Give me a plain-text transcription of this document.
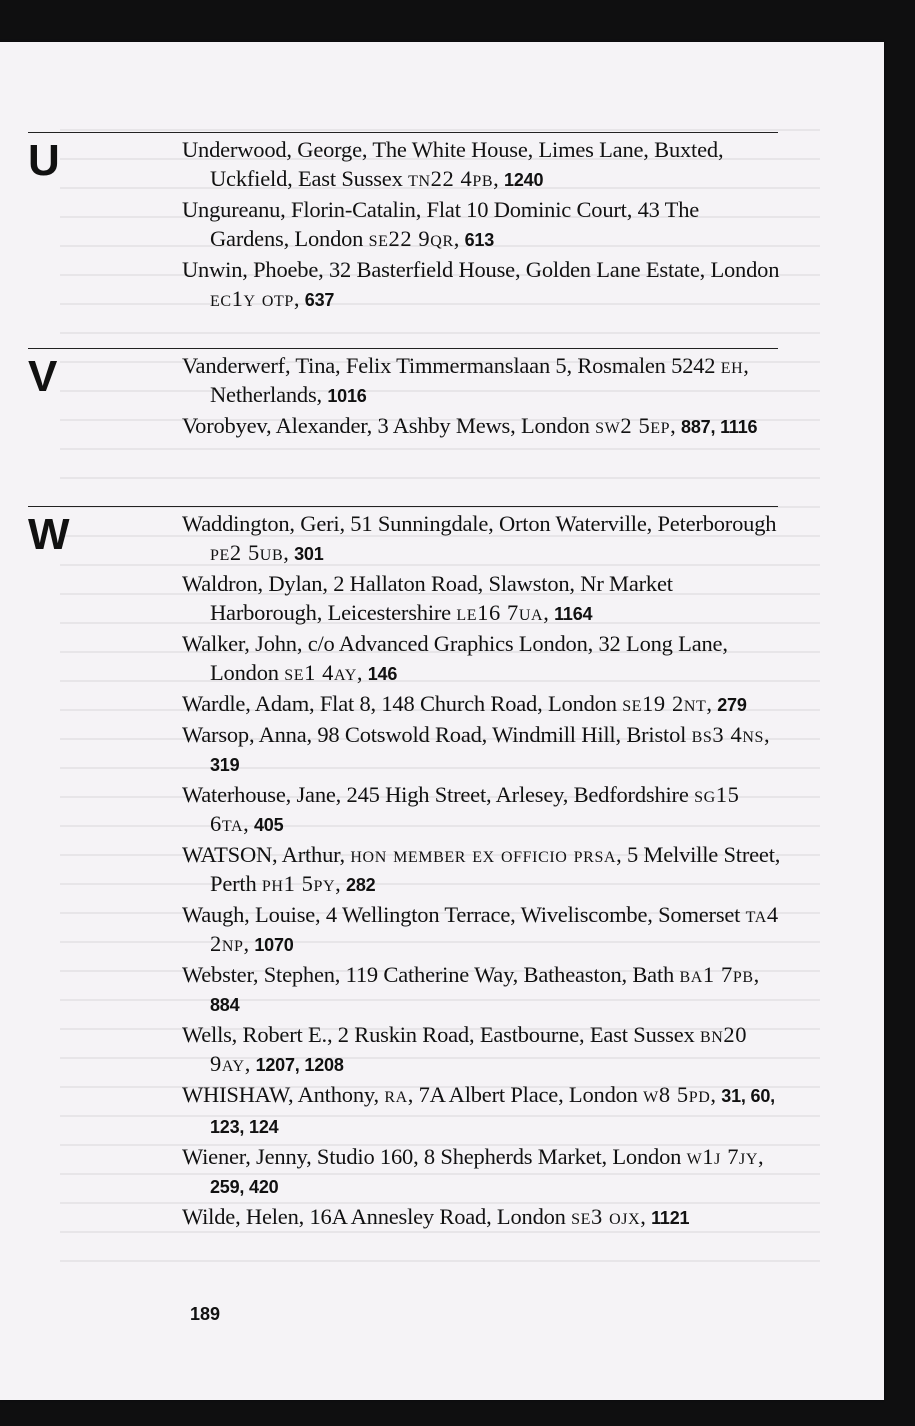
U	Underwood, George, The White House, Limes Lane, Buxted, Uckfield, East Sussex tn22 4pb, 1240
Ungureanu, Florin-Catalin, Flat 10 Dominic Court, 43 The Gardens, London se22 9qr, 613
Unwin, Phoebe, 32 Basterfield House, Golden Lane Estate, London ec1y otp, 637
V	Vanderwerf, Tina, Felix Timmermanslaan 5, Rosmalen 5242 eh, Netherlands, 1016
Vorobyev, Alexander, 3 Ashby Mews, London sw2 5ep, 887, 1116
W	Waddington, Geri, 51 Sunningdale, Orton Waterville, Peterborough pe2 5ub, 301
Waldron, Dylan, 2 Hallaton Road, Slawston, Nr Market Harborough, Leicestershire le16 7ua, 1164
Walker, John, c/o Advanced Graphics London, 32 Long Lane, London se1 4ay, 146
Wardle, Adam, Flat 8, 148 Church Road, London se19 2nt, 279
Warsop, Anna, 98 Cotswold Road, Windmill Hill, Bristol bs3 4ns, 319
Waterhouse, Jane, 245 High Street, Arlesey, Bedfordshire sg15 6ta, 405
WATSON, Arthur, hon member ex officio prsa, 5 Melville Street, Perth ph1 5py, 282
Waugh, Louise, 4 Wellington Terrace, Wiveliscombe, Somerset ta4 2np, 1070
Webster, Stephen, 119 Catherine Way, Batheaston, Bath ba1 7pb, 884
Wells, Robert E., 2 Ruskin Road, Eastbourne, East Sussex bn20 9ay, 1207, 1208
WHISHAW, Anthony, ra, 7A Albert Place, London w8 5pd, 31, 60, 123, 124
Wiener, Jenny, Studio 160, 8 Shepherds Market, London w1j 7jy, 259, 420
Wilde, Helen, 16A Annesley Road, London se3 ojx, 1121
189
